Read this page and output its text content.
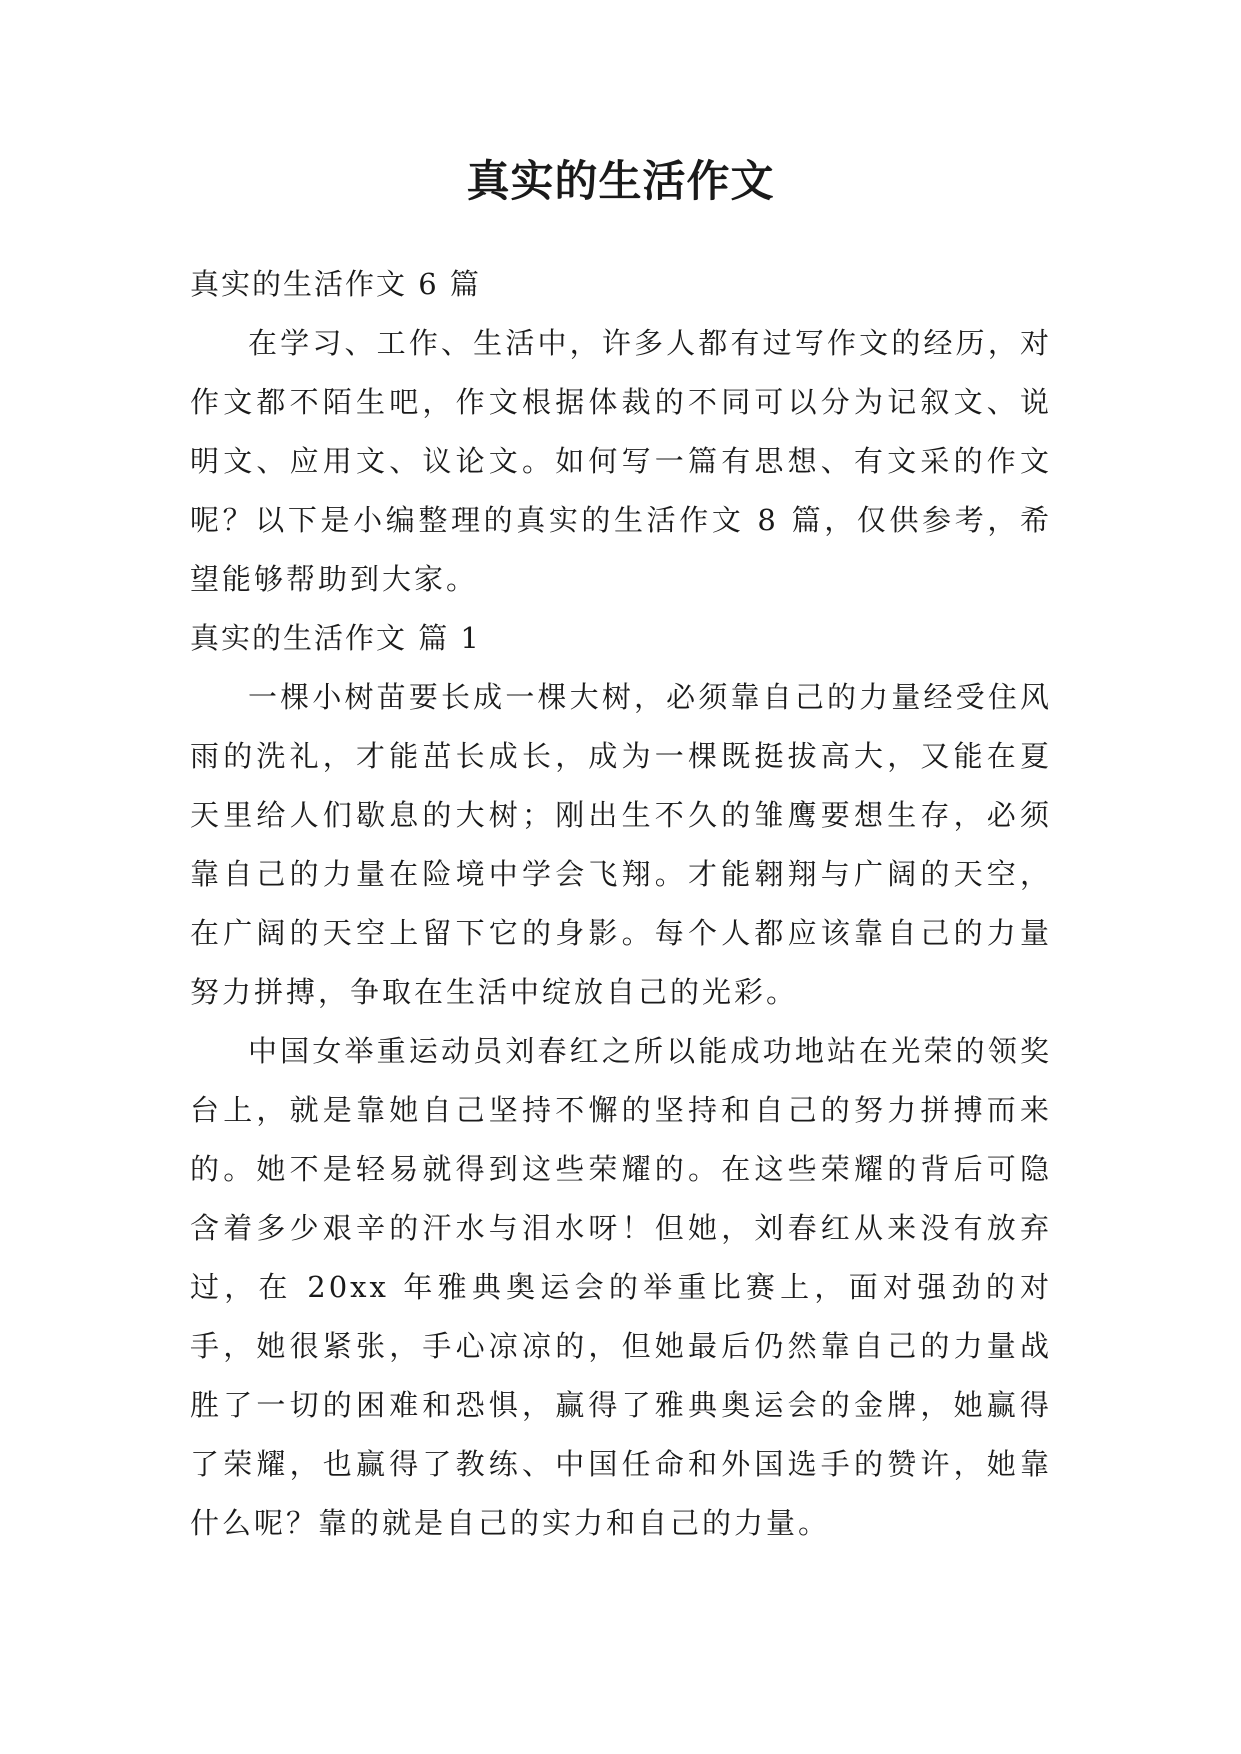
真实的生活作文

真实的生活作文 6 篇

在学习、工作、生活中，许多人都有过写作文的经历，对作文都不陌生吧，作文根据体裁的不同可以分为记叙文、说明文、应用文、议论文。如何写一篇有思想、有文采的作文呢？以下是小编整理的真实的生活作文 8 篇，仅供参考，希望能够帮助到大家。

真实的生活作文 篇 1

一棵小树苗要长成一棵大树，必须靠自己的力量经受住风雨的洗礼，才能茁长成长，成为一棵既挺拔高大，又能在夏天里给人们歇息的大树；刚出生不久的雏鹰要想生存，必须靠自己的力量在险境中学会飞翔。才能翱翔与广阔的天空，在广阔的天空上留下它的身影。每个人都应该靠自己的力量努力拼搏，争取在生活中绽放自己的光彩。

中国女举重运动员刘春红之所以能成功地站在光荣的领奖台上，就是靠她自己坚持不懈的坚持和自己的努力拼搏而来的。她不是轻易就得到这些荣耀的。在这些荣耀的背后可隐含着多少艰辛的汗水与泪水呀！但她，刘春红从来没有放弃过，在 20xx 年雅典奥运会的举重比赛上，面对强劲的对手，她很紧张，手心凉凉的，但她最后仍然靠自己的力量战胜了一切的困难和恐惧，赢得了雅典奥运会的金牌，她赢得了荣耀，也赢得了教练、中国任命和外国选手的赞许，她靠什么呢？靠的就是自己的实力和自己的力量。
